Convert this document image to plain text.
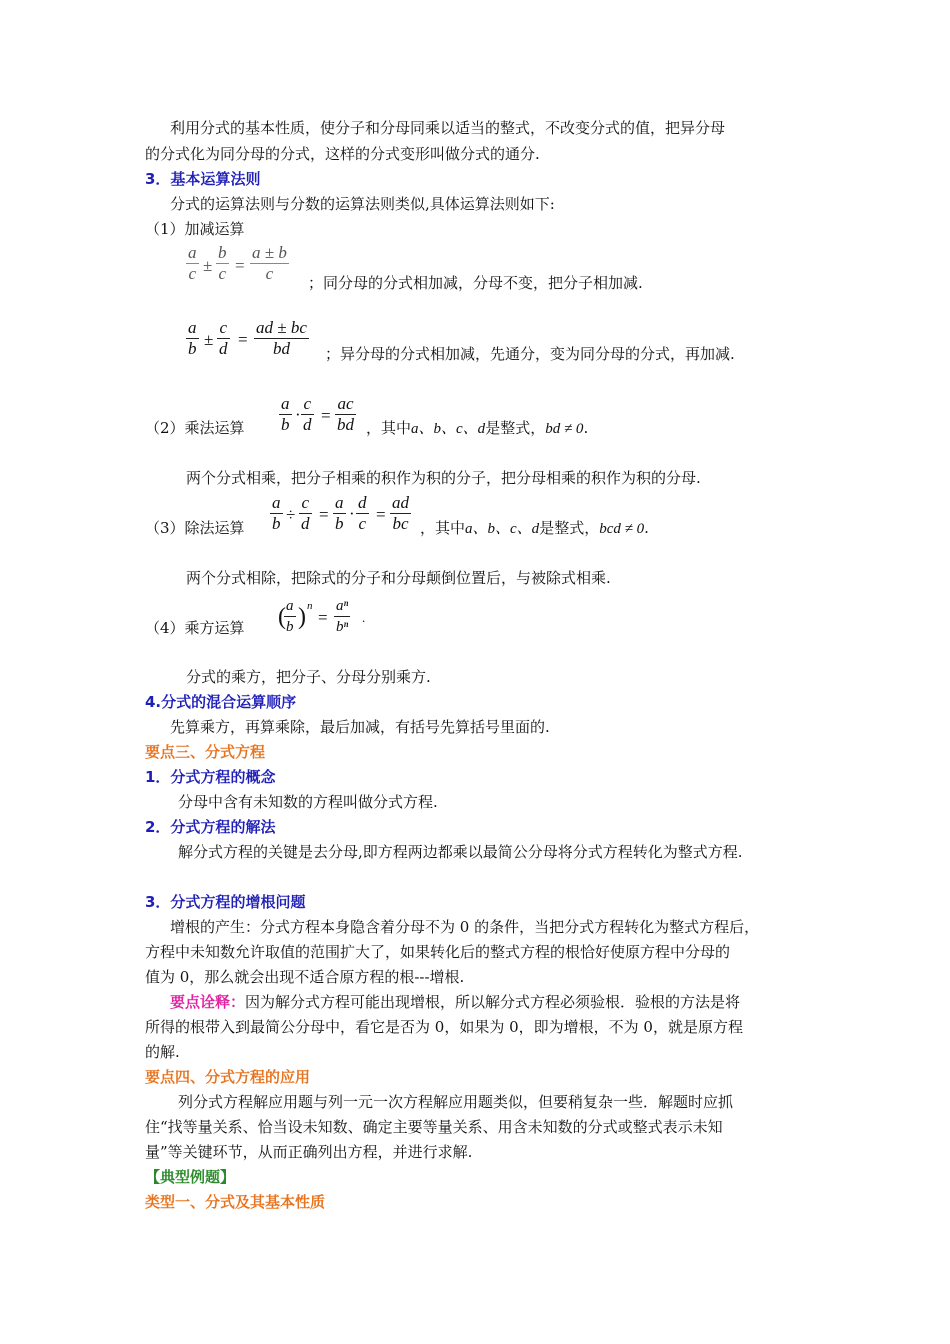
利用分式的基本性质，使分子和分母同乘以适当的整式，不改变分式的值，把异分母
的分式化为同分母的分式，这样的分式变形叫做分式的通分.
3．基本运算法则
分式的运算法则与分数的运算法则类似,具体运算法则如下:
（1）加减运算
$\frac{a}{c} \pm \frac{b}{c} = \frac{a \pm b}{c}$ ；同分母的分式相加减，分母不变，把分子相加减.
$\frac{a}{b} \pm \frac{c}{d} = \frac{ad \pm bc}{bd}$ ；异分母的分式相加减，先通分，变为同分母的分式，再加减.
（2）乘法运算 $\frac{a}{b} \cdot \frac{c}{d} = \frac{ac}{bd}$ ，其中a、b、c、d是整式，bd ≠ 0.
两个分式相乘，把分子相乘的积作为积的分子，把分母相乘的积作为积的分母.
（3）除法运算 $\frac{a}{b} \div \frac{c}{d} = \frac{a}{b} \cdot \frac{d}{c} = \frac{ad}{bc}$ ，其中a、b、c、d是整式，bcd ≠ 0.
两个分式相除，把除式的分子和分母颠倒位置后，与被除式相乘.
（4）乘方运算 (
$\frac{a}{b}$ ) n
= $\frac{\text{aⁿ}}{\text{bⁿ}}$ .
分式的乘方，把分子、分母分别乘方.
4.分式的混合运算顺序
先算乘方，再算乘除，最后加减，有括号先算括号里面的.
要点三、分式方程
1．分式方程的概念
分母中含有未知数的方程叫做分式方程.
2．分式方程的解法
解分式方程的关键是去分母,即方程两边都乘以最简公分母将分式方程转化为整式方程.
3．分式方程的增根问题
增根的产生：分式方程本身隐含着分母不为 0 的条件，当把分式方程转化为整式方程后，
方程中未知数允许取值的范围扩大了，如果转化后的整式方程的根恰好使原方程中分母的
值为 0，那么就会出现不适合原方程的根---增根.
要点诠释：因为解分式方程可能出现增根，所以解分式方程必须验根．验根的方法是将
所得的根带入到最简公分母中，看它是否为 0，如果为 0，即为增根，不为 0，就是原方程
的解.
要点四、分式方程的应用
列分式方程解应用题与列一元一次方程解应用题类似，但要稍复杂一些．解题时应抓
住“找等量关系、恰当设未知数、确定主要等量关系、用含未知数的分式或整式表示未知
量”等关键环节，从而正确列出方程，并进行求解.
【典型例题】
类型一、分式及其基本性质
